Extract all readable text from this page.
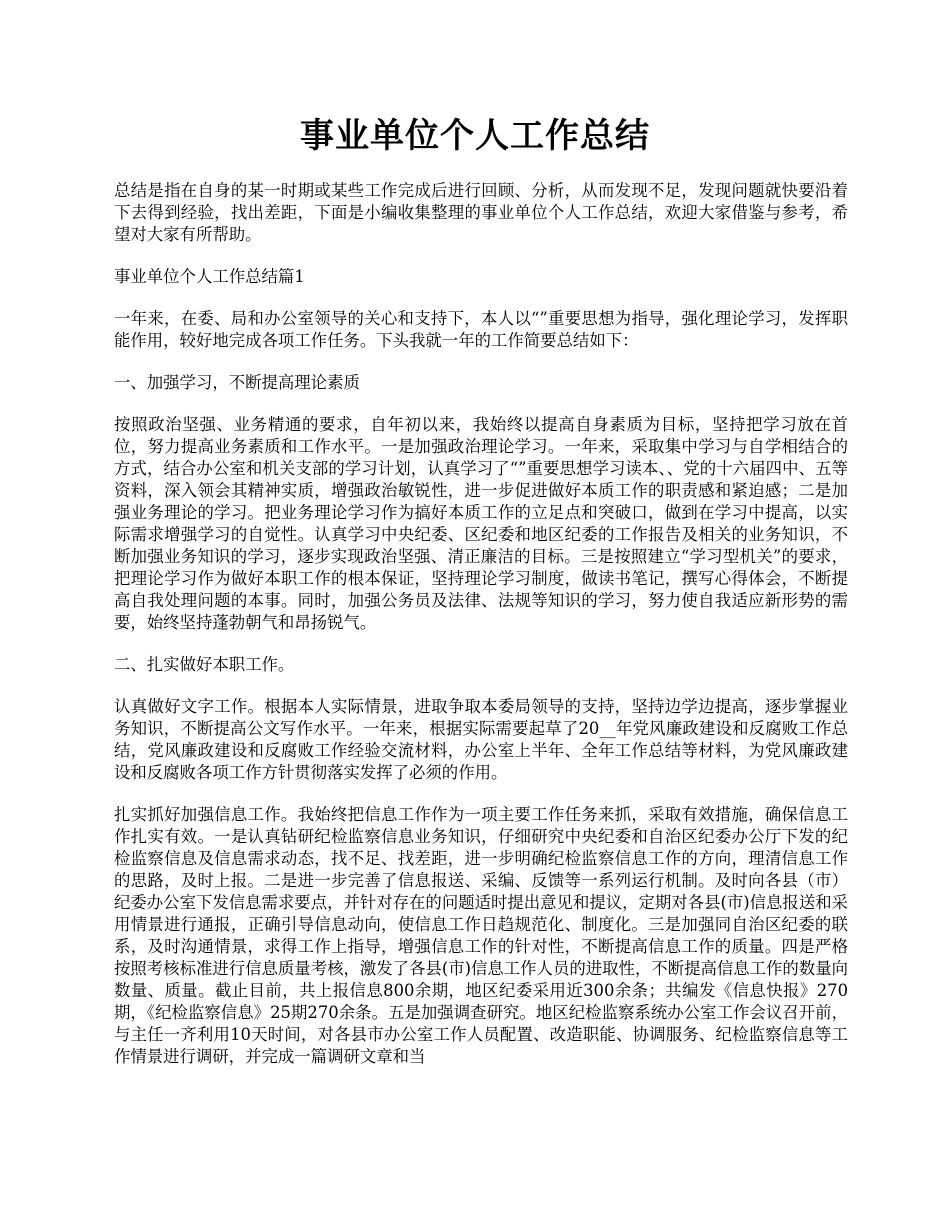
事业单位个人工作总结

总结是指在自身的某一时期或某些工作完成后进行回顾、分析，从而发现不足，发现问题就快要沿着下去得到经验，找出差距，下面是小编收集整理的事业单位个人工作总结，欢迎大家借鉴与参考，希望对大家有所帮助。

事业单位个人工作总结篇1

一年来，在委、局和办公室领导的关心和支持下，本人以“”重要思想为指导，强化理论学习，发挥职能作用，较好地完成各项工作任务。下头我就一年的工作简要总结如下：

一、加强学习，不断提高理论素质

按照政治坚强、业务精通的要求，自年初以来，我始终以提高自身素质为目标，坚持把学习放在首位，努力提高业务素质和工作水平。一是加强政治理论学习。一年来，采取集中学习与自学相结合的方式，结合办公室和机关支部的学习计划，认真学习了“”重要思想学习读本、、党的十六届四中、五等资料，深入领会其精神实质，增强政治敏锐性，进一步促进做好本质工作的职责感和紧迫感；二是加强业务理论的学习。把业务理论学习作为搞好本质工作的立足点和突破口，做到在学习中提高，以实际需求增强学习的自觉性。认真学习中央纪委、区纪委和地区纪委的工作报告及相关的业务知识，不断加强业务知识的学习，逐步实现政治坚强、清正廉洁的目标。三是按照建立“学习型机关”的要求，把理论学习作为做好本职工作的根本保证，坚持理论学习制度，做读书笔记，撰写心得体会，不断提高自我处理问题的本事。同时，加强公务员及法律、法规等知识的学习，努力使自我适应新形势的需要，始终坚持蓬勃朝气和昂扬锐气。

二、扎实做好本职工作。

认真做好文字工作。根据本人实际情景，进取争取本委局领导的支持，坚持边学边提高，逐步掌握业务知识，不断提高公文写作水平。一年来，根据实际需要起草了20__年党风廉政建设和反腐败工作总结，党风廉政建设和反腐败工作经验交流材料，办公室上半年、全年工作总结等材料，为党风廉政建设和反腐败各项工作方针贯彻落实发挥了必须的作用。

扎实抓好加强信息工作。我始终把信息工作作为一项主要工作任务来抓，采取有效措施，确保信息工作扎实有效。一是认真钻研纪检监察信息业务知识，仔细研究中央纪委和自治区纪委办公厅下发的纪检监察信息及信息需求动态，找不足、找差距，进一步明确纪检监察信息工作的方向，理清信息工作的思路，及时上报。二是进一步完善了信息报送、采编、反馈等一系列运行机制。及时向各县（市）纪委办公室下发信息需求要点，并针对存在的问题适时提出意见和提议，定期对各县(市)信息报送和采用情景进行通报，正确引导信息动向，使信息工作日趋规范化、制度化。三是加强同自治区纪委的联系，及时沟通情景，求得工作上指导，增强信息工作的针对性，不断提高信息工作的质量。四是严格按照考核标准进行信息质量考核，激发了各县(市)信息工作人员的进取性，不断提高信息工作的数量向数量、质量。截止目前，共上报信息800余期，地区纪委采用近300余条；共编发《信息快报》270期，《纪检监察信息》25期270余条。五是加强调查研究。地区纪检监察系统办公室工作会议召开前，与主任一齐利用10天时间，对各县市办公室工作人员配置、改造职能、协调服务、纪检监察信息等工作情景进行调研，并完成一篇调研文章和当
